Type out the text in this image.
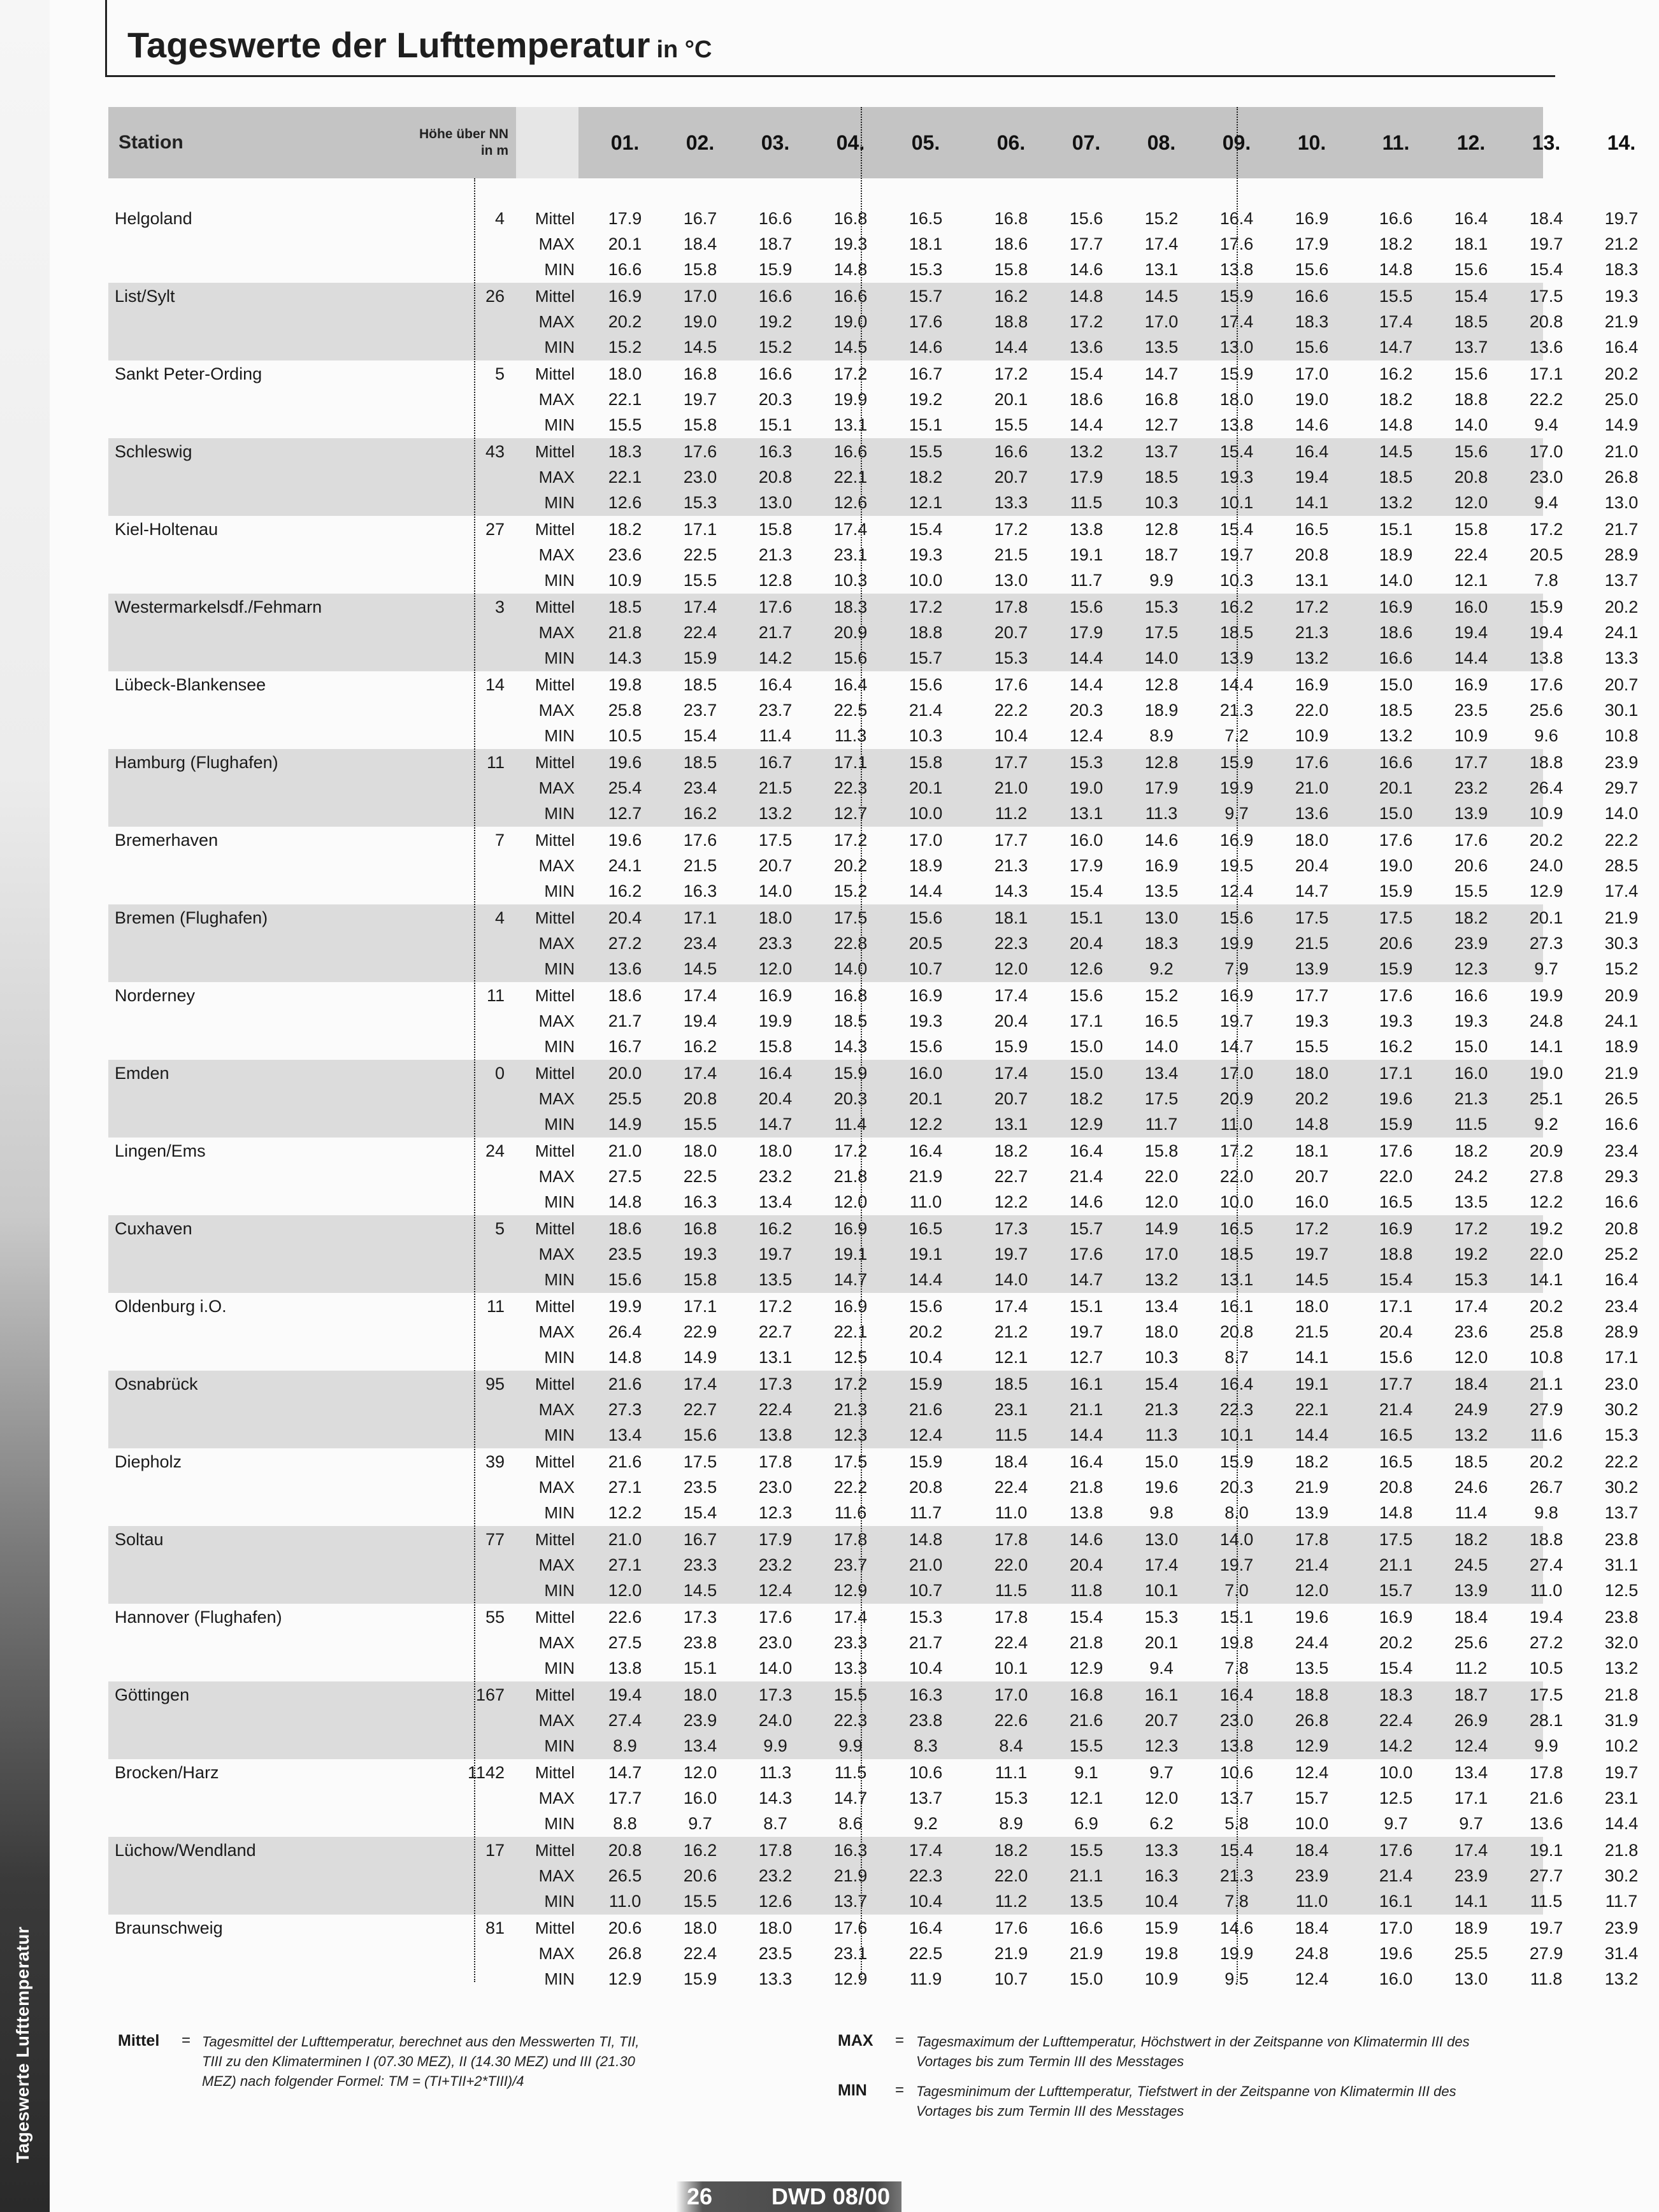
Tageswerte Lufttemperatur
Tageswerte der Lufttemperatur in °C
Station	Höhe über NN
in m	01.	02.	03.	04.	05.	06.	07.	08.	09.	10.	11.	12.	13.	14.
Helgoland	4	Mittel	17.9	16.7	16.6	16.8	16.5	16.8	15.6	15.2	16.4	16.9	16.6	16.4	18.4	19.7
MAX	20.1	18.4	18.7	19.3	18.1	18.6	17.7	17.4	17.6	17.9	18.2	18.1	19.7	21.2
MIN	16.6	15.8	15.9	14.8	15.3	15.8	14.6	13.1	13.8	15.6	14.8	15.6	15.4	18.3
List/Sylt	26	Mittel	16.9	17.0	16.6	16.6	15.7	16.2	14.8	14.5	15.9	16.6	15.5	15.4	17.5	19.3
MAX	20.2	19.0	19.2	19.0	17.6	18.8	17.2	17.0	17.4	18.3	17.4	18.5	20.8	21.9
MIN	15.2	14.5	15.2	14.5	14.6	14.4	13.6	13.5	13.0	15.6	14.7	13.7	13.6	16.4
Sankt Peter-Ording	5	Mittel	18.0	16.8	16.6	17.2	16.7	17.2	15.4	14.7	15.9	17.0	16.2	15.6	17.1	20.2
MAX	22.1	19.7	20.3	19.9	19.2	20.1	18.6	16.8	18.0	19.0	18.2	18.8	22.2	25.0
MIN	15.5	15.8	15.1	13.1	15.1	15.5	14.4	12.7	13.8	14.6	14.8	14.0	9.4	14.9
Schleswig	43	Mittel	18.3	17.6	16.3	16.6	15.5	16.6	13.2	13.7	15.4	16.4	14.5	15.6	17.0	21.0
MAX	22.1	23.0	20.8	22.1	18.2	20.7	17.9	18.5	19.3	19.4	18.5	20.8	23.0	26.8
MIN	12.6	15.3	13.0	12.6	12.1	13.3	11.5	10.3	10.1	14.1	13.2	12.0	9.4	13.0
Kiel-Holtenau	27	Mittel	18.2	17.1	15.8	17.4	15.4	17.2	13.8	12.8	15.4	16.5	15.1	15.8	17.2	21.7
MAX	23.6	22.5	21.3	23.1	19.3	21.5	19.1	18.7	19.7	20.8	18.9	22.4	20.5	28.9
MIN	10.9	15.5	12.8	10.3	10.0	13.0	11.7	9.9	10.3	13.1	14.0	12.1	7.8	13.7
Westermarkelsdf./Fehmarn	3	Mittel	18.5	17.4	17.6	18.3	17.2	17.8	15.6	15.3	16.2	17.2	16.9	16.0	15.9	20.2
MAX	21.8	22.4	21.7	20.9	18.8	20.7	17.9	17.5	18.5	21.3	18.6	19.4	19.4	24.1
MIN	14.3	15.9	14.2	15.6	15.7	15.3	14.4	14.0	13.9	13.2	16.6	14.4	13.8	13.3
Lübeck-Blankensee	14	Mittel	19.8	18.5	16.4	16.4	15.6	17.6	14.4	12.8	14.4	16.9	15.0	16.9	17.6	20.7
MAX	25.8	23.7	23.7	22.5	21.4	22.2	20.3	18.9	21.3	22.0	18.5	23.5	25.6	30.1
MIN	10.5	15.4	11.4	11.3	10.3	10.4	12.4	8.9	7.2	10.9	13.2	10.9	9.6	10.8
Hamburg (Flughafen)	11	Mittel	19.6	18.5	16.7	17.1	15.8	17.7	15.3	12.8	15.9	17.6	16.6	17.7	18.8	23.9
MAX	25.4	23.4	21.5	22.3	20.1	21.0	19.0	17.9	19.9	21.0	20.1	23.2	26.4	29.7
MIN	12.7	16.2	13.2	12.7	10.0	11.2	13.1	11.3	9.7	13.6	15.0	13.9	10.9	14.0
Bremerhaven	7	Mittel	19.6	17.6	17.5	17.2	17.0	17.7	16.0	14.6	16.9	18.0	17.6	17.6	20.2	22.2
MAX	24.1	21.5	20.7	20.2	18.9	21.3	17.9	16.9	19.5	20.4	19.0	20.6	24.0	28.5
MIN	16.2	16.3	14.0	15.2	14.4	14.3	15.4	13.5	12.4	14.7	15.9	15.5	12.9	17.4
Bremen (Flughafen)	4	Mittel	20.4	17.1	18.0	17.5	15.6	18.1	15.1	13.0	15.6	17.5	17.5	18.2	20.1	21.9
MAX	27.2	23.4	23.3	22.8	20.5	22.3	20.4	18.3	19.9	21.5	20.6	23.9	27.3	30.3
MIN	13.6	14.5	12.0	14.0	10.7	12.0	12.6	9.2	7.9	13.9	15.9	12.3	9.7	15.2
Norderney	11	Mittel	18.6	17.4	16.9	16.8	16.9	17.4	15.6	15.2	16.9	17.7	17.6	16.6	19.9	20.9
MAX	21.7	19.4	19.9	18.5	19.3	20.4	17.1	16.5	19.7	19.3	19.3	19.3	24.8	24.1
MIN	16.7	16.2	15.8	14.3	15.6	15.9	15.0	14.0	14.7	15.5	16.2	15.0	14.1	18.9
Emden	0	Mittel	20.0	17.4	16.4	15.9	16.0	17.4	15.0	13.4	17.0	18.0	17.1	16.0	19.0	21.9
MAX	25.5	20.8	20.4	20.3	20.1	20.7	18.2	17.5	20.9	20.2	19.6	21.3	25.1	26.5
MIN	14.9	15.5	14.7	11.4	12.2	13.1	12.9	11.7	11.0	14.8	15.9	11.5	9.2	16.6
Lingen/Ems	24	Mittel	21.0	18.0	18.0	17.2	16.4	18.2	16.4	15.8	17.2	18.1	17.6	18.2	20.9	23.4
MAX	27.5	22.5	23.2	21.8	21.9	22.7	21.4	22.0	22.0	20.7	22.0	24.2	27.8	29.3
MIN	14.8	16.3	13.4	12.0	11.0	12.2	14.6	12.0	10.0	16.0	16.5	13.5	12.2	16.6
Cuxhaven	5	Mittel	18.6	16.8	16.2	16.9	16.5	17.3	15.7	14.9	16.5	17.2	16.9	17.2	19.2	20.8
MAX	23.5	19.3	19.7	19.1	19.1	19.7	17.6	17.0	18.5	19.7	18.8	19.2	22.0	25.2
MIN	15.6	15.8	13.5	14.7	14.4	14.0	14.7	13.2	13.1	14.5	15.4	15.3	14.1	16.4
Oldenburg i.O.	11	Mittel	19.9	17.1	17.2	16.9	15.6	17.4	15.1	13.4	16.1	18.0	17.1	17.4	20.2	23.4
MAX	26.4	22.9	22.7	22.1	20.2	21.2	19.7	18.0	20.8	21.5	20.4	23.6	25.8	28.9
MIN	14.8	14.9	13.1	12.5	10.4	12.1	12.7	10.3	8.7	14.1	15.6	12.0	10.8	17.1
Osnabrück	95	Mittel	21.6	17.4	17.3	17.2	15.9	18.5	16.1	15.4	16.4	19.1	17.7	18.4	21.1	23.0
MAX	27.3	22.7	22.4	21.3	21.6	23.1	21.1	21.3	22.3	22.1	21.4	24.9	27.9	30.2
MIN	13.4	15.6	13.8	12.3	12.4	11.5	14.4	11.3	10.1	14.4	16.5	13.2	11.6	15.3
Diepholz	39	Mittel	21.6	17.5	17.8	17.5	15.9	18.4	16.4	15.0	15.9	18.2	16.5	18.5	20.2	22.2
MAX	27.1	23.5	23.0	22.2	20.8	22.4	21.8	19.6	20.3	21.9	20.8	24.6	26.7	30.2
MIN	12.2	15.4	12.3	11.6	11.7	11.0	13.8	9.8	8.0	13.9	14.8	11.4	9.8	13.7
Soltau	77	Mittel	21.0	16.7	17.9	17.8	14.8	17.8	14.6	13.0	14.0	17.8	17.5	18.2	18.8	23.8
MAX	27.1	23.3	23.2	23.7	21.0	22.0	20.4	17.4	19.7	21.4	21.1	24.5	27.4	31.1
MIN	12.0	14.5	12.4	12.9	10.7	11.5	11.8	10.1	7.0	12.0	15.7	13.9	11.0	12.5
Hannover (Flughafen)	55	Mittel	22.6	17.3	17.6	17.4	15.3	17.8	15.4	15.3	15.1	19.6	16.9	18.4	19.4	23.8
MAX	27.5	23.8	23.0	23.3	21.7	22.4	21.8	20.1	19.8	24.4	20.2	25.6	27.2	32.0
MIN	13.8	15.1	14.0	13.3	10.4	10.1	12.9	9.4	7.8	13.5	15.4	11.2	10.5	13.2
Göttingen	167	Mittel	19.4	18.0	17.3	15.5	16.3	17.0	16.8	16.1	16.4	18.8	18.3	18.7	17.5	21.8
MAX	27.4	23.9	24.0	22.3	23.8	22.6	21.6	20.7	23.0	26.8	22.4	26.9	28.1	31.9
MIN	8.9	13.4	9.9	9.9	8.3	8.4	15.5	12.3	13.8	12.9	14.2	12.4	9.9	10.2
Brocken/Harz	1142	Mittel	14.7	12.0	11.3	11.5	10.6	11.1	9.1	9.7	10.6	12.4	10.0	13.4	17.8	19.7
MAX	17.7	16.0	14.3	14.7	13.7	15.3	12.1	12.0	13.7	15.7	12.5	17.1	21.6	23.1
MIN	8.8	9.7	8.7	8.6	9.2	8.9	6.9	6.2	5.8	10.0	9.7	9.7	13.6	14.4
Lüchow/Wendland	17	Mittel	20.8	16.2	17.8	16.3	17.4	18.2	15.5	13.3	15.4	18.4	17.6	17.4	19.1	21.8
MAX	26.5	20.6	23.2	21.9	22.3	22.0	21.1	16.3	21.3	23.9	21.4	23.9	27.7	30.2
MIN	11.0	15.5	12.6	13.7	10.4	11.2	13.5	10.4	7.8	11.0	16.1	14.1	11.5	11.7
Braunschweig	81	Mittel	20.6	18.0	18.0	17.6	16.4	17.6	16.6	15.9	14.6	18.4	17.0	18.9	19.7	23.9
MAX	26.8	22.4	23.5	23.1	22.5	21.9	21.9	19.8	19.9	24.8	19.6	25.5	27.9	31.4
MIN	12.9	15.9	13.3	12.9	11.9	10.7	15.0	10.9	9.5	12.4	16.0	13.0	11.8	13.2
Mittel = Tagesmittel der Lufttemperatur, berechnet aus den Messwerten TI, TII, TIII zu den Klimaterminen I (07.30 MEZ), II (14.30 MEZ) und III (21.30 MEZ) nach folgender Formel: TM = (TI+TII+2*TIII)/4
MAX = Tagesmaximum der Lufttemperatur, Höchstwert in der Zeitspanne von Klimatermin III des Vortages bis zum Termin III des Messtages
MIN = Tagesminimum der Lufttemperatur, Tiefstwert in der Zeitspanne von Klimatermin III des Vortages bis zum Termin III des Messtages
26	DWD 08/00
